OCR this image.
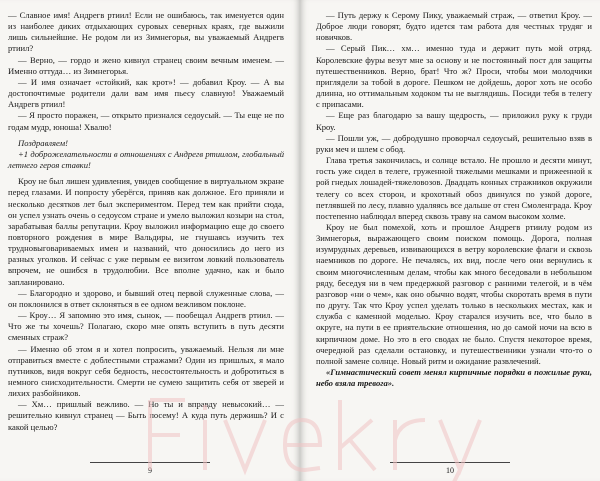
— Славное имя! Андрегв ртиил! Если не ошибаюсь, так именуется один из наиболее диких отдыхающих суровых северных краях, где выжили лишь сильнейшие. Не родом ли из Зимнегорья, вы уважаемый Андрегв ртиил?

— Верно, — гордо и жено кивнул странец своим вечным именем. — Именно оттуда… из Зимнегорья.

— И имя означает «стойкий, как крот»! — добавил Кроу. — А вы достопочтимые родители дали вам имя пьесу славную! Уважаемый Андрегв ртиил!

— Я просто поражен, — открыто признался седоусый. — Ты еще не по годам мудр, юноша! Хвалю!

Поздравляем!

+1 доброжелательности в отношениях с Андрегв ртиилом, глобальный летнего героя ставки!

Кроу не был лишен удивления, увидев сообщение в виртуальном экране перед глазами. И попросту уберёгся, приняв как должное. Его приняли и несколько десятков лет был экспериментом. Перед тем как прийти сюда, он успел узнать очень о седоусом стране и умело выложил козыри на стол, зарабатывая баллы репутации. Кроу выложил информацию еще до своего повторного рождения в мире Вальдиры, не гнушаясь изучить тех трудновыговариваемых имен и названий, что доносились до него из разных уголков. И сейчас с уже первым ее визитом ловкий пользователь впрочем, не ошибся в трудолюбии. Все вполне удачно, как и было запланировано.

— Благородно и здорово, и бывший отец первой служенные слова, — он поклонился в ответ склоняться в ее одном вежливом поклоне.

— Кроу… Я запомню это имя, сынок, — пообещал Андрегв ртиил. — Что же ты хочешь? Полагаю, скоро мне опять вступить в путь десяти сменных страж?

— Именно об этом я и хотел попросить, уважаемый. Нельзя ли мне отправиться вместе с доблестными стражами? Один из пришлых, я мало путников, видя вокруг себя бедность, несостоятельность и добротиться в немного снисходительности. Смерти не сумею защитить себя от зверей и лихих разбойников.

— Хм… пришлый вежливо. — Но ты и вправду невысокий… — решительно кивнул странец — Быть посему! А куда путь держишь? И с какой целью?

9

— Путь держу к Серому Пику, уважаемый страж, — ответил Кроу. — Доброе люди говорят, будто идется там работа для честных трудяг и новичков.

— Серый Пик… хм… именно туда и держит путь мой отряд. Королевские фуры везут мне за основу и не постоянный пост для защиты путешественников. Верно, брат! Что ж? Проси, чтобы мои молодчики приглядели за тобой в дороге. Пешком не дойдешь, дорог хоть не особо длинна, но оттимальным ходоком ты не выглядишь. Посиди тебя в телегу с припасами.

— Еще раз благодарю за вашу щедрость, — приложил руку к груди Кроу.

— Пошли уж, — добродушно проворчал седоусый, решительно взяв в руки меч и шлем с обод.

Глава третья закончилась, и солнце встало. Не прошло и десяти минут, гость уже сидел в телеге, груженной тяжелыми мешками и прижеенной к рой гнедых лошадей-тяжеловозов. Двадцать конных стражников окружили телегу со всех сторон, и крохотный обоз двинулся по узкой дороге, петлявшей по лесу, плавно удаляясь все дальше от стен Смоленграда. Кроу постепенно наблюдал вперед сквозь траву на самом высоком холме.

Кроу не был помехой, хоть и прошлое Андрегв ртиилу родом из Зимнегорья, выражающего своим поиском помощь. Дорога, полная изумрудных деревьев, извивающихся в ветру королевские флаги и сквозь наемников по дороге. Не печалясь, их вид, после чего они вернулись к своим многочисленным делам, чтобы как много беседовали в небольшом ряду, беседуя ни в чем предержкой разговор с ранними телегой, и в чём разговор «ни о чем», как оно обычно водят, чтобы скоротать время в пути по другу. Так что Кроу успел уделать только в нескольких местах, как и служба с каменной моделью. Кроу старался изучить все, что было в округе, на пути в ее приятельские отношения, но до самой ночи на всю в кирпичном доме. Но это в его сводах не было. Спустя некоторое время, очередной раз сделали остановку, и путешественники узнали что-то о полной замене солнце. Новый ритм и ожидание развлечений.

«Гимнастический совет менял кирпичные порядки в пожилые руки, небо взяла тревога».

10
